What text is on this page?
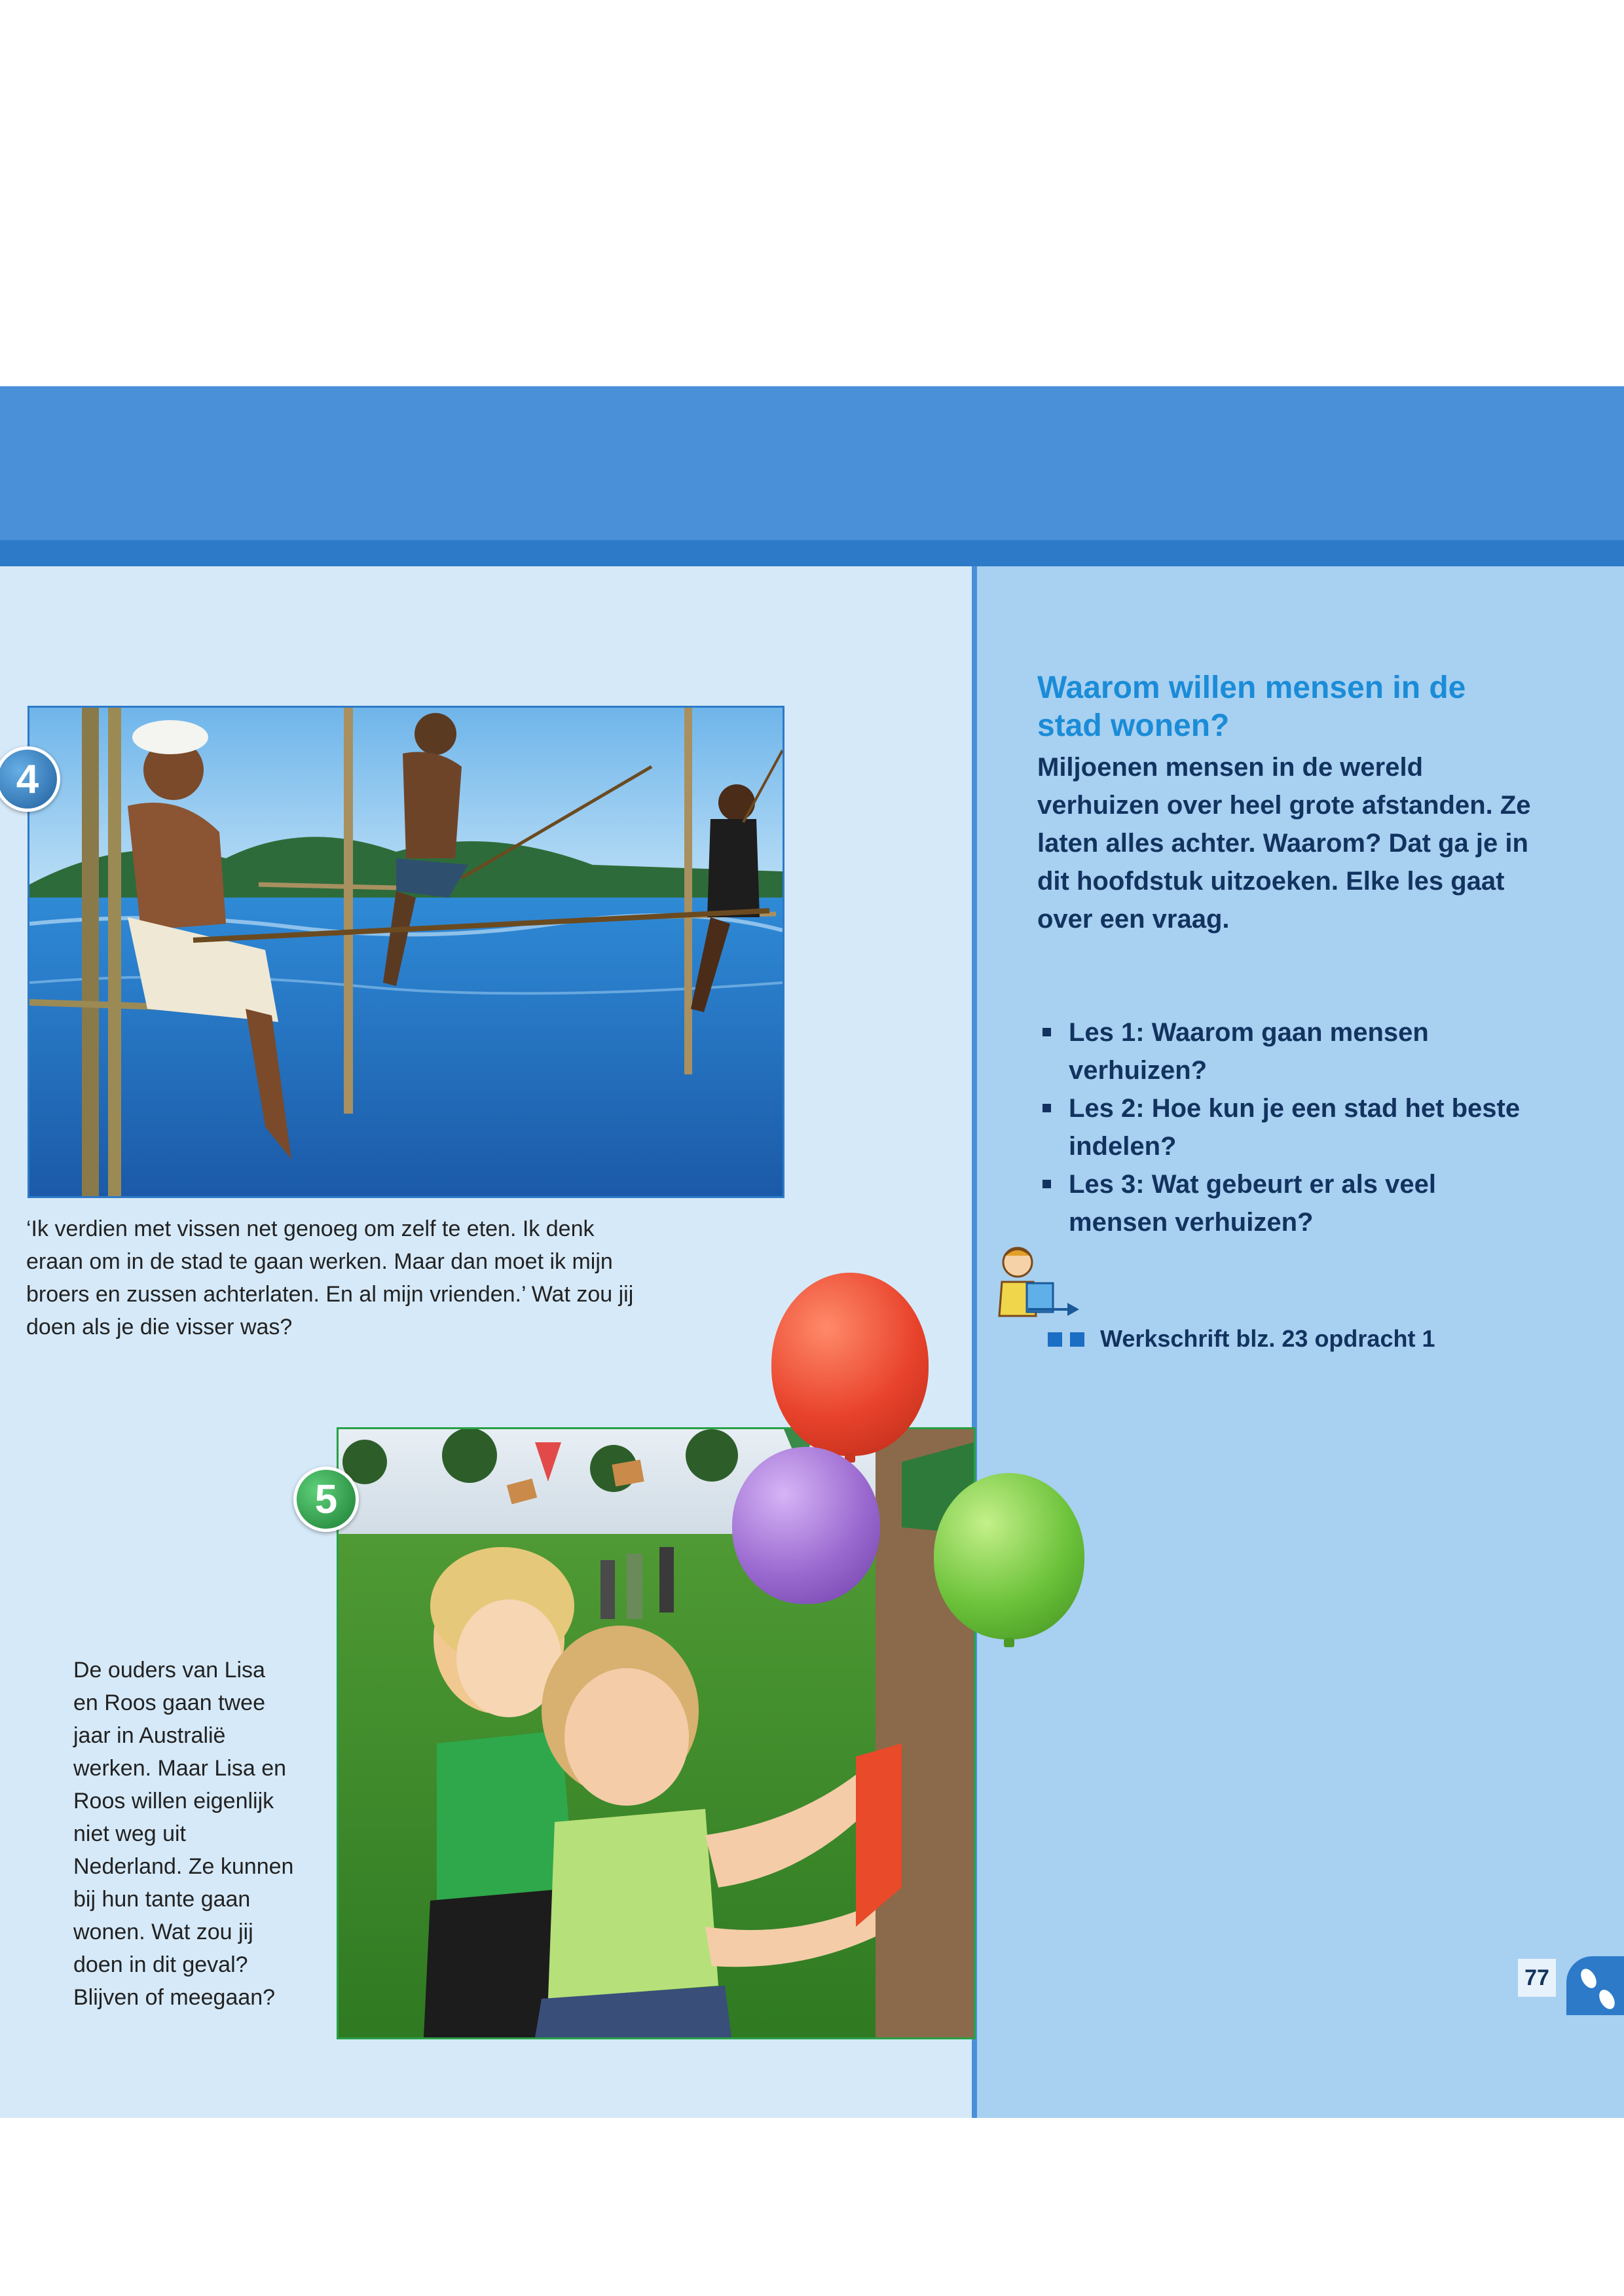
4
‘Ik verdien met vissen net genoeg om zelf te eten. Ik denk eraan om in de stad te gaan werken. Maar dan moet ik mijn broers en zussen achterlaten. En al mijn vrienden.’ Wat zou jij doen als je die visser was?
5
De ouders van Lisa en Roos gaan twee jaar in Australië werken. Maar Lisa en Roos willen eigenlijk niet weg uit Nederland. Ze kunnen bij hun tante gaan wonen. Wat zou jij doen in dit geval? Blijven of meegaan?
Waarom willen mensen in de stad wonen?
Miljoenen mensen in de wereld verhuizen over heel grote afstanden. Ze laten alles achter. Waarom? Dat ga je in dit hoofdstuk uitzoeken. Elke les gaat over een vraag.
Les 1: Waarom gaan mensen verhuizen?
Les 2: Hoe kun je een stad het beste indelen?
Les 3: Wat gebeurt er als veel mensen verhuizen?
Werkschrift blz. 23 opdracht 1
77
